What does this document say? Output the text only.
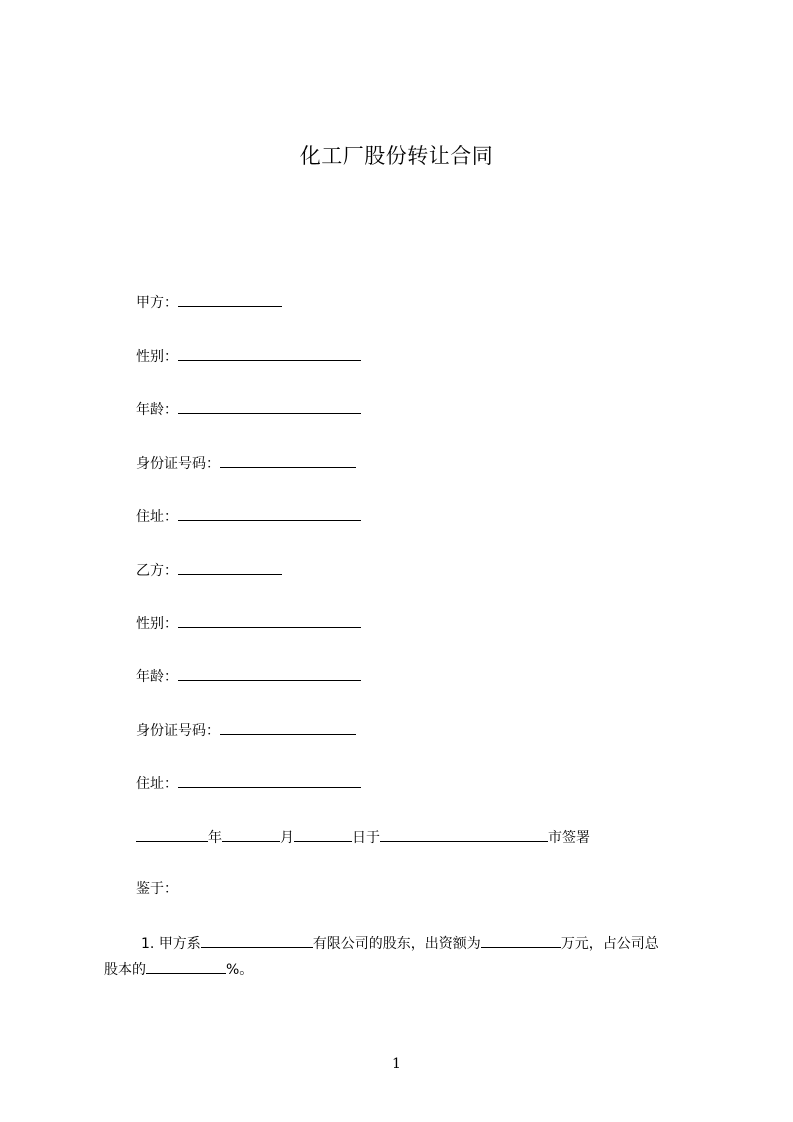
化工厂股份转让合同
甲方：
性别：
年龄：
身份证号码：
住址：
乙方：
性别：
年龄：
身份证号码：
住址：
年	月	日于	市签署
鉴于：
1. 甲方系	有限公司的股东，出资额为	万元，占公司总
股本的	%。
1
